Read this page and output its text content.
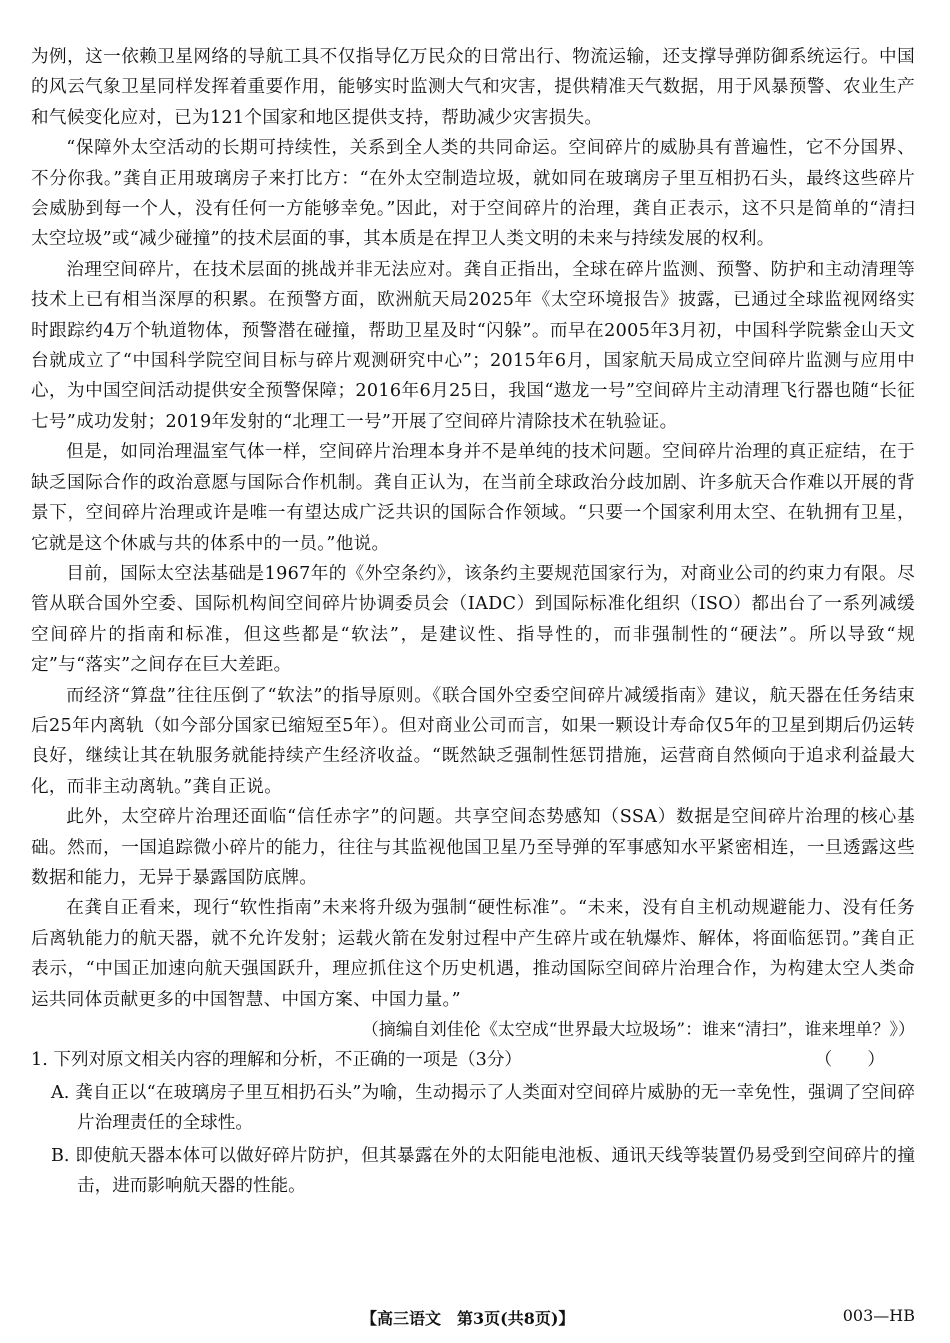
为例，这一依赖卫星网络的导航工具不仅指导亿万民众的日常出行、物流运输，还支撑导弹防御系统运行。中国的风云气象卫星同样发挥着重要作用，能够实时监测大气和灾害，提供精准天气数据，用于风暴预警、农业生产和气候变化应对，已为121个国家和地区提供支持，帮助减少灾害损失。

“保障外太空活动的长期可持续性，关系到全人类的共同命运。空间碎片的威胁具有普遍性，它不分国界、不分你我。”龚自正用玻璃房子来打比方：“在外太空制造垃圾，就如同在玻璃房子里互相扔石头，最终这些碎片会威胁到每一个人，没有任何一方能够幸免。”因此，对于空间碎片的治理，龚自正表示，这不只是简单的“清扫太空垃圾”或“减少碰撞”的技术层面的事，其本质是在捍卫人类文明的未来与持续发展的权利。

治理空间碎片，在技术层面的挑战并非无法应对。龚自正指出，全球在碎片监测、预警、防护和主动清理等技术上已有相当深厚的积累。在预警方面，欧洲航天局2025年《太空环境报告》披露，已通过全球监视网络实时跟踪约4万个轨道物体，预警潜在碰撞，帮助卫星及时“闪躲”。而早在2005年3月初，中国科学院紫金山天文台就成立了“中国科学院空间目标与碎片观测研究中心”；2015年6月，国家航天局成立空间碎片监测与应用中心，为中国空间活动提供安全预警保障；2016年6月25日，我国“遨龙一号”空间碎片主动清理飞行器也随“长征七号”成功发射；2019年发射的“北理工一号”开展了空间碎片清除技术在轨验证。

但是，如同治理温室气体一样，空间碎片治理本身并不是单纯的技术问题。空间碎片治理的真正症结，在于缺乏国际合作的政治意愿与国际合作机制。龚自正认为，在当前全球政治分歧加剧、许多航天合作难以开展的背景下，空间碎片治理或许是唯一有望达成广泛共识的国际合作领域。“只要一个国家利用太空、在轨拥有卫星，它就是这个休戚与共的体系中的一员。”他说。

目前，国际太空法基础是1967年的《外空条约》，该条约主要规范国家行为，对商业公司的约束力有限。尽管从联合国外空委、国际机构间空间碎片协调委员会（IADC）到国际标准化组织（ISO）都出台了一系列减缓空间碎片的指南和标准，但这些都是“软法”，是建议性、指导性的，而非强制性的“硬法”。所以导致“规定”与“落实”之间存在巨大差距。

而经济“算盘”往往压倒了“软法”的指导原则。《联合国外空委空间碎片减缓指南》建议，航天器在任务结束后25年内离轨（如今部分国家已缩短至5年）。但对商业公司而言，如果一颗设计寿命仅5年的卫星到期后仍运转良好，继续让其在轨服务就能持续产生经济收益。“既然缺乏强制性惩罚措施，运营商自然倾向于追求利益最大化，而非主动离轨。”龚自正说。

此外，太空碎片治理还面临“信任赤字”的问题。共享空间态势感知（SSA）数据是空间碎片治理的核心基础。然而，一国追踪微小碎片的能力，往往与其监视他国卫星乃至导弹的军事感知水平紧密相连，一旦透露这些数据和能力，无异于暴露国防底牌。

在龚自正看来，现行“软性指南”未来将升级为强制“硬性标准”。“未来，没有自主机动规避能力、没有任务后离轨能力的航天器，就不允许发射；运载火箭在发射过程中产生碎片或在轨爆炸、解体，将面临惩罚。”龚自正表示，“中国正加速向航天强国跃升，理应抓住这个历史机遇，推动国际空间碎片治理合作，为构建太空人类命运共同体贡献更多的中国智慧、中国方案、中国力量。”

（摘编自刘佳伦《太空成“世界最大垃圾场”：谁来“清扫”，谁来埋单？》）

1. 下列对原文相关内容的理解和分析，不正确的一项是（3分）	（　　）

A. 龚自正以“在玻璃房子里互相扔石头”为喻，生动揭示了人类面对空间碎片威胁的无一幸免性，强调了空间碎片治理责任的全球性。

B. 即使航天器本体可以做好碎片防护，但其暴露在外的太阳能电池板、通讯天线等装置仍易受到空间碎片的撞击，进而影响航天器的性能。

【高三语文　第3页(共8页)】	003—HB
